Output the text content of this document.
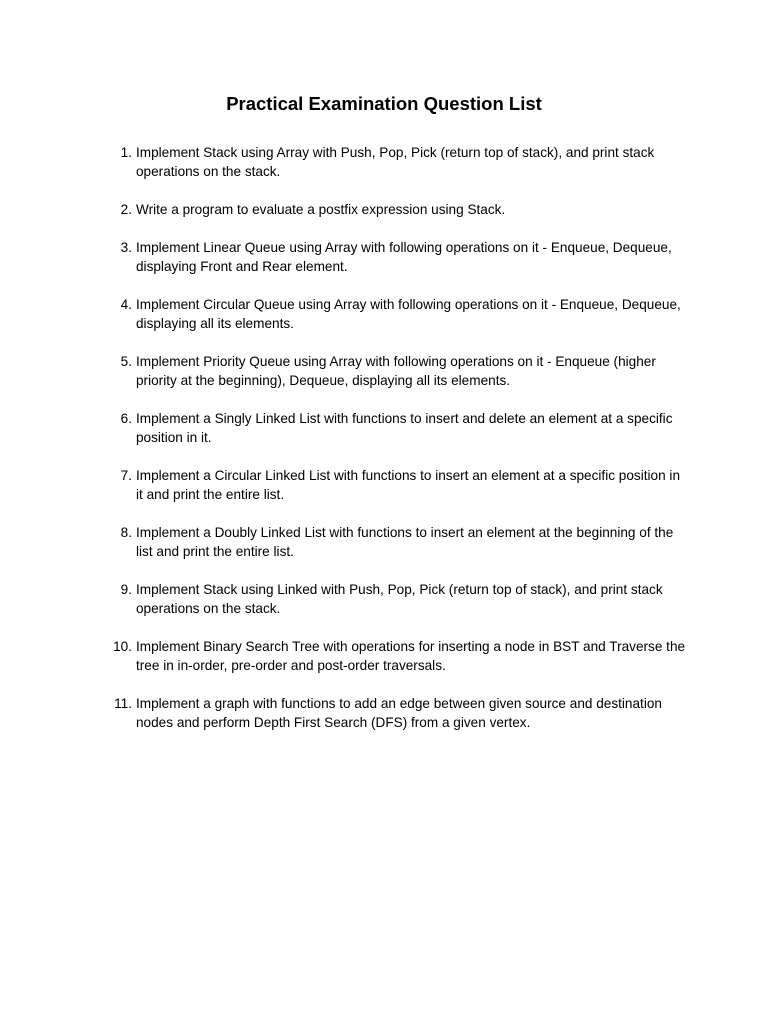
Practical Examination Question List
1. Implement Stack using Array with Push, Pop, Pick (return top of stack), and print stack operations on the stack.
2. Write a program to evaluate a postfix expression using Stack.
3. Implement Linear Queue using Array with following operations on it - Enqueue, Dequeue, displaying Front and Rear element.
4. Implement Circular Queue using Array with following operations on it - Enqueue, Dequeue, displaying all its elements.
5. Implement Priority Queue using Array with following operations on it - Enqueue (higher priority at the beginning), Dequeue, displaying all its elements.
6. Implement a Singly Linked List with functions to insert and delete an element at a specific position in it.
7. Implement a Circular Linked List with functions to insert an element at a specific position in it and print the entire list.
8. Implement a Doubly Linked List with functions to insert an element at the beginning of the list and print the entire list.
9. Implement Stack using Linked with Push, Pop, Pick (return top of stack), and print stack operations on the stack.
10. Implement Binary Search Tree with operations for inserting a node in BST and Traverse the tree in in-order, pre-order and post-order traversals.
11. Implement a graph with functions to add an edge between given source and destination nodes and perform Depth First Search (DFS) from a given vertex.
